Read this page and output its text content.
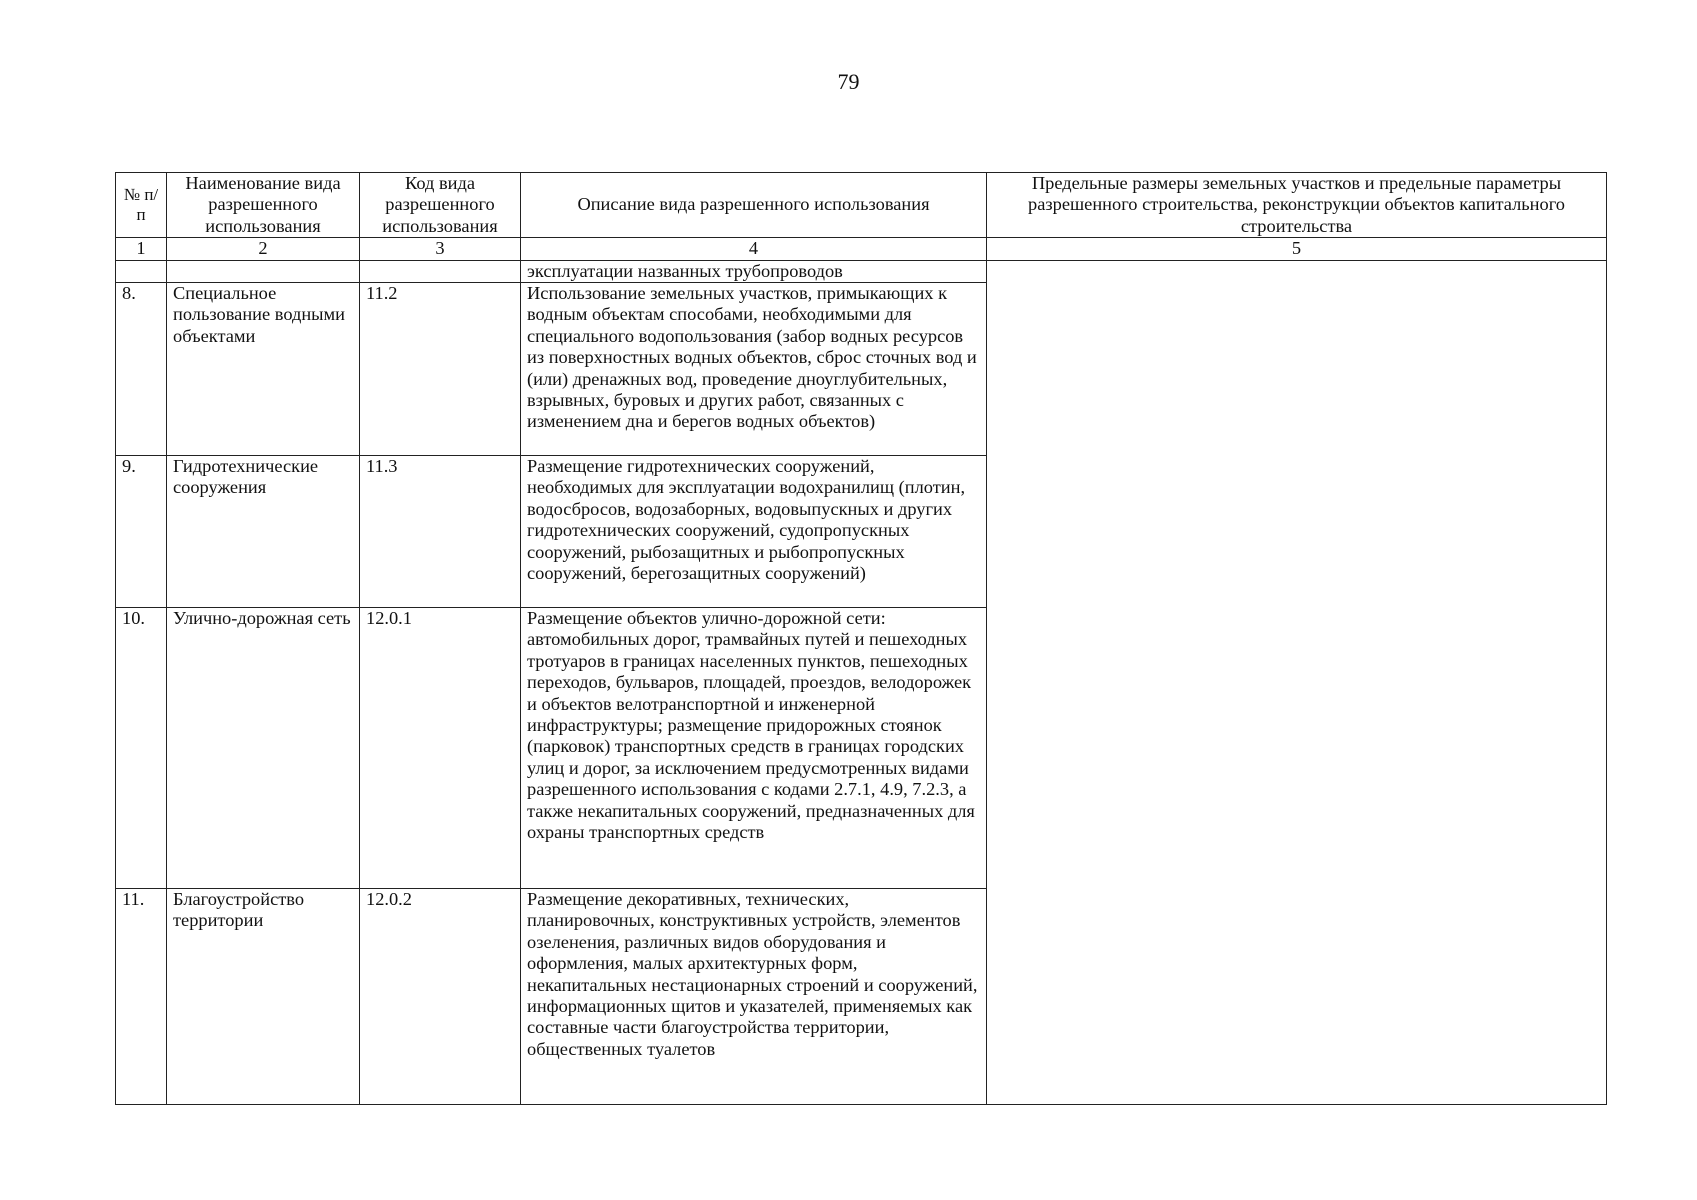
79
№ п/п	Наименование вида разрешенного использования	Код вида разрешенного использования	Описание вида разрешенного использования	Предельные размеры земельных участков и предельные параметры разрешенного строительства, реконструкции объектов капитального строительства
1	2	3	4	5
			эксплуатации названных трубопроводов	
8.	Специальное пользование водными объектами	11.2	Использование земельных участков, примыкающих к водным объектам способами, необходимыми для специального водопользования (забор водных ресурсов из поверхностных водных объектов, сброс сточных вод и (или) дренажных вод, проведение дноуглубительных, взрывных, буровых и других работ, связанных с изменением дна и берегов водных объектов)	
9.	Гидротехнические сооружения	11.3	Размещение гидротехнических сооружений, необходимых для эксплуатации водохранилищ (плотин, водосбросов, водозаборных, водовыпускных и других гидротехнических сооружений, судопропускных сооружений, рыбозащитных и рыбопропускных сооружений, берегозащитных сооружений)	
10.	Улично-дорожная сеть	12.0.1	Размещение объектов улично-дорожной сети: автомобильных дорог, трамвайных путей и пешеходных тротуаров в границах населенных пунктов, пешеходных переходов, бульваров, площадей, проездов, велодорожек и объектов велотранспортной и инженерной инфраструктуры; размещение придорожных стоянок (парковок) транспортных средств в границах городских улиц и дорог, за исключением предусмотренных видами разрешенного использования с кодами 2.7.1, 4.9, 7.2.3, а также некапитальных сооружений, предназначенных для охраны транспортных средств	
11.	Благоустройство территории	12.0.2	Размещение декоративных, технических, планировочных, конструктивных устройств, элементов озеленения, различных видов оборудования и оформления, малых архитектурных форм, некапитальных нестационарных строений и сооружений, информационных щитов и указателей, применяемых как составные части благоустройства территории, общественных туалетов	
